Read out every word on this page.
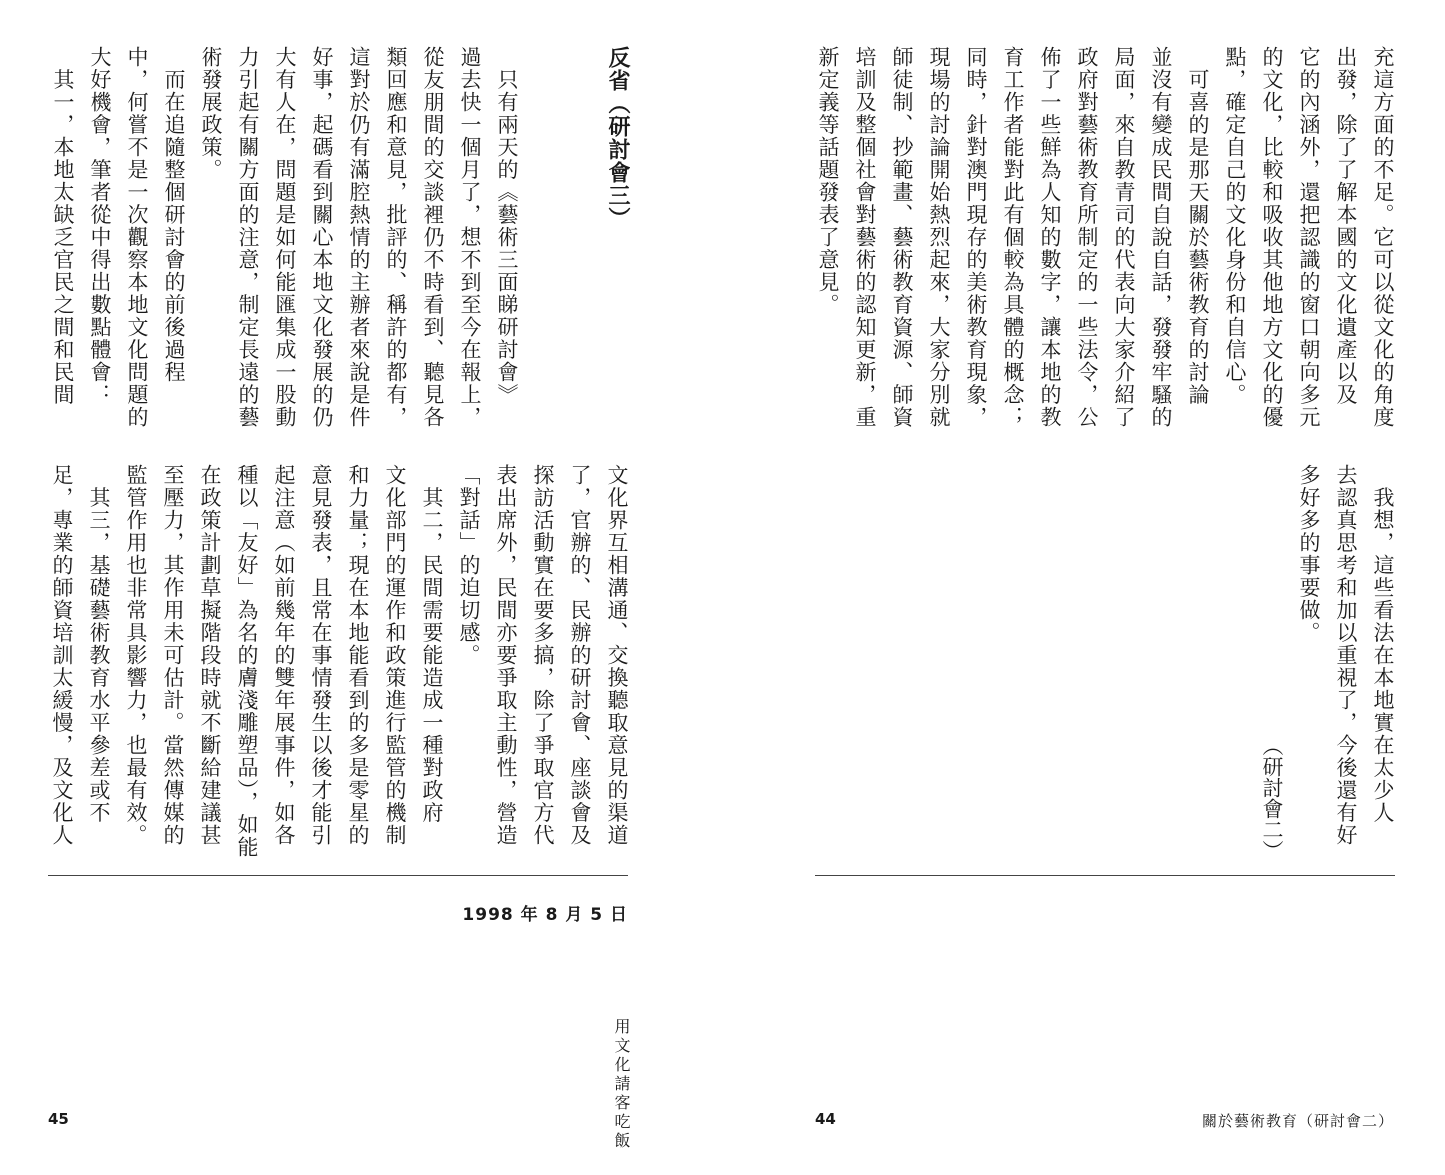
反省（研討會三）
　只有兩天的《藝術三面睇研討會》
過去快一個月了，想不到至今在報上，
從友朋間的交談裡仍不時看到、聽見各
類回應和意見，批評的、稱許的都有，
這對於仍有滿腔熱情的主辦者來說是件
好事，起碼看到關心本地文化發展的仍
大有人在，問題是如何能匯集成一股動
力引起有關方面的注意，制定長遠的藝
術發展政策。
　而在追隨整個研討會的前後過程
中，何嘗不是一次觀察本地文化問題的
大好機會，筆者從中得出數點體會：
　其一，本地太缺乏官民之間和民間
文化界互相溝通、交換聽取意見的渠道
了，官辦的、民辦的研討會、座談會及
探訪活動實在要多搞，除了爭取官方代
表出席外，民間亦要爭取主動性，營造
「對話」的迫切感。
　其二，民間需要能造成一種對政府
文化部門的運作和政策進行監管的機制
和力量；現在本地能看到的多是零星的
意見發表，且常在事情發生以後才能引
起注意（如前幾年的雙年展事件，如各
種以「友好」為名的膚淺雕塑品），如能
在政策計劃草擬階段時就不斷給建議甚
至壓力，其作用未可估計。當然傳媒的
監管作用也非常具影響力，也最有效。
　其三，基礎藝術教育水平參差或不
足，專業的師資培訓太緩慢，及文化人
1998 年 8 月 5 日
用文化請客吃飯
45
充這方面的不足。它可以從文化的角度
出發，除了了解本國的文化遺產以及
它的內涵外，還把認識的窗口朝向多元
的文化，比較和吸收其他地方文化的優
點，確定自己的文化身份和自信心。
　可喜的是那天關於藝術教育的討論
並沒有變成民間自說自話，發發牢騷的
局面，來自教青司的代表向大家介紹了
政府對藝術教育所制定的一些法令，公
佈了一些鮮為人知的數字，讓本地的教
育工作者能對此有個較為具體的概念；
同時，針對澳門現存的美術教育現象，
現場的討論開始熱烈起來，大家分別就
師徒制、抄範畫、藝術教育資源、師資
培訓及整個社會對藝術的認知更新，重
新定義等話題發表了意見。
　我想，這些看法在本地實在太少人
去認真思考和加以重視了，今後還有好
多好多的事要做。
（研討會二）
44	關於藝術教育（研討會二）
